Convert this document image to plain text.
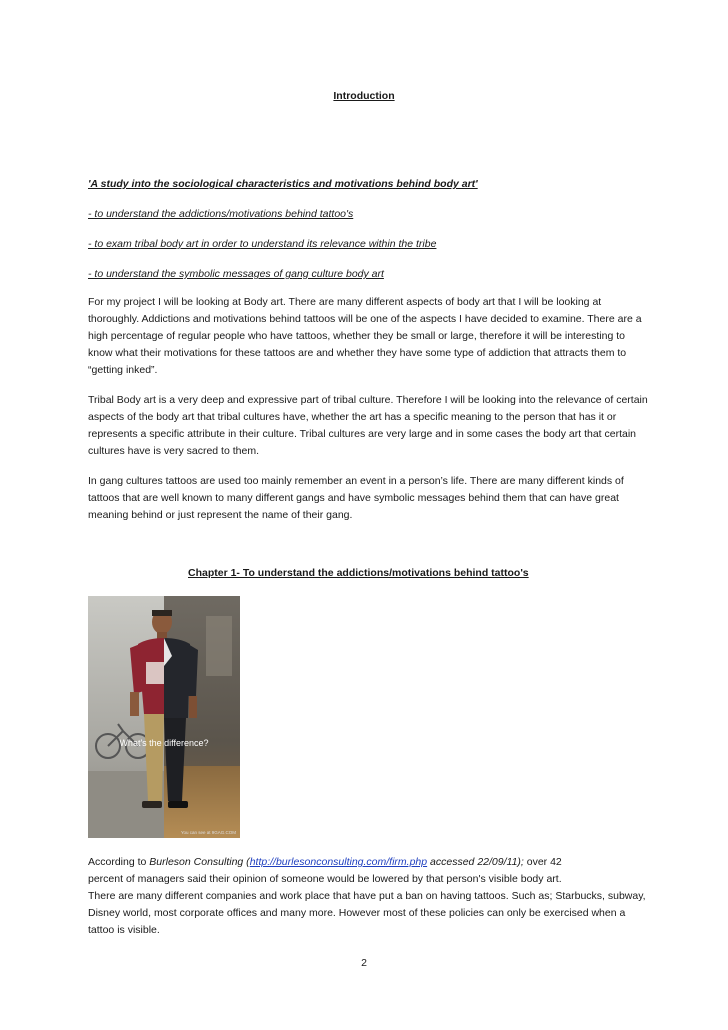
Introduction
'A study into the sociological characteristics and motivations behind body art'
- to understand the addictions/motivations behind tattoo's
- to exam tribal body art in order to understand its relevance within the tribe
- to understand the symbolic messages of gang culture body art

For my project I will be looking at Body art. There are many different aspects of body art that I will be looking at thoroughly. Addictions and motivations behind tattoos will be one of the aspects I have decided to examine. There are a high percentage of regular people who have tattoos, whether they be small or large, therefore it will be interesting to know what their motivations for these tattoos are and whether they have some type of addiction that attracts them to “getting inked”.

Tribal Body art is a very deep and expressive part of tribal culture. Therefore I will be looking into the relevance of certain aspects of the body art that tribal cultures have, whether the art has a specific meaning to the person that has it or represents a specific attribute in their culture. Tribal cultures are very large and in some cases the body art that certain cultures have is very sacred to them.

In gang cultures tattoos are used too mainly remember an event in a person’s life. There are many different kinds of tattoos that are well known to many different gangs and have symbolic messages behind them that can have great meaning behind or just represent the name of their gang.

Chapter 1- To understand the addictions/motivations behind tattoo's
What's the difference?
You can see at 9GAG.COM
According to Burleson Consulting (http://burlesonconsulting.com/firm.php accessed 22/09/11); over 42
percent of managers said their opinion of someone would be lowered by that person's visible body art.

There are many different companies and work place that have put a ban on having tattoos. Such as; Starbucks, subway, Disney world, most corporate offices and many more. However most of these policies can only be exercised when a tattoo is visible.

2
